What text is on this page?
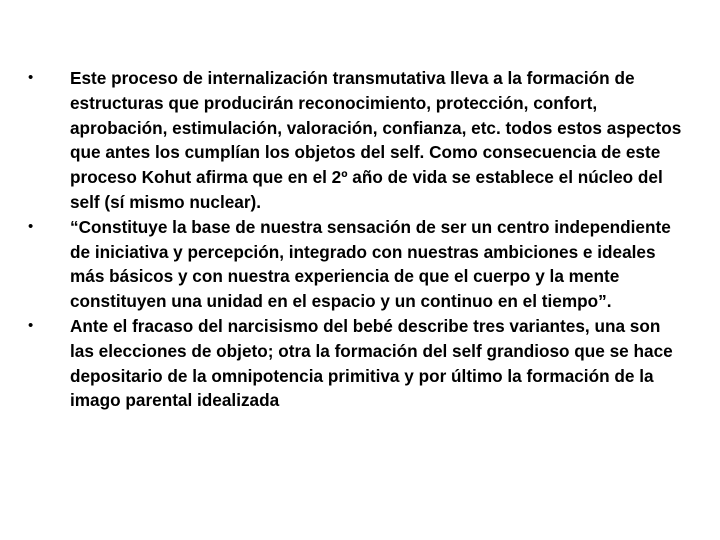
•	Este proceso de internalización transmutativa lleva a la formación de estructuras que producirán reconocimiento, protección, confort, aprobación, estimulación, valoración, confianza, etc. todos estos aspectos que antes los cumplían los objetos del self. Como consecuencia de este proceso Kohut afirma que en el 2º año de vida se establece el núcleo del self (sí mismo nuclear).
•	“Constituye la base de nuestra sensación de ser un centro independiente de iniciativa y percepción, integrado con nuestras ambiciones e ideales más básicos y con nuestra experiencia de que el cuerpo y la mente constituyen una unidad en el espacio y un continuo en el tiempo”.
•	Ante el fracaso del narcisismo del bebé describe tres variantes, una son las elecciones de objeto; otra la formación del self grandioso que se hace depositario de la omnipotencia primitiva y por último la formación de la imago parental idealizada
